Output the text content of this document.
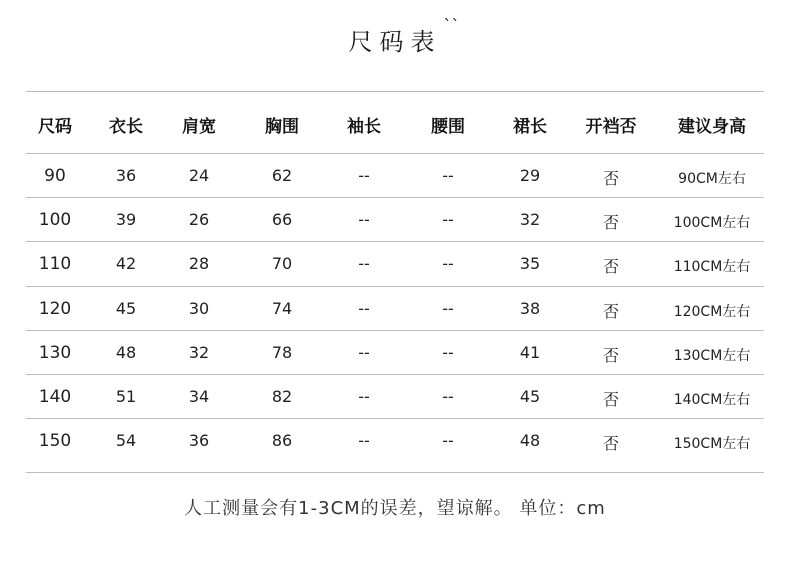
尺码表
ˋˋ
尺码	衣长	肩宽	胸围	袖长	腰围	裙长	开裆否	建议身高
90	36	24	62	--	--	29	否	90CM左右
100	39	26	66	--	--	32	否	100CM左右
110	42	28	70	--	--	35	否	110CM左右
120	45	30	74	--	--	38	否	120CM左右
130	48	32	78	--	--	41	否	130CM左右
140	51	34	82	--	--	45	否	140CM左右
150	54	36	86	--	--	48	否	150CM左右
人工测量会有1-3CM的误差，望谅解。 单位：cm
